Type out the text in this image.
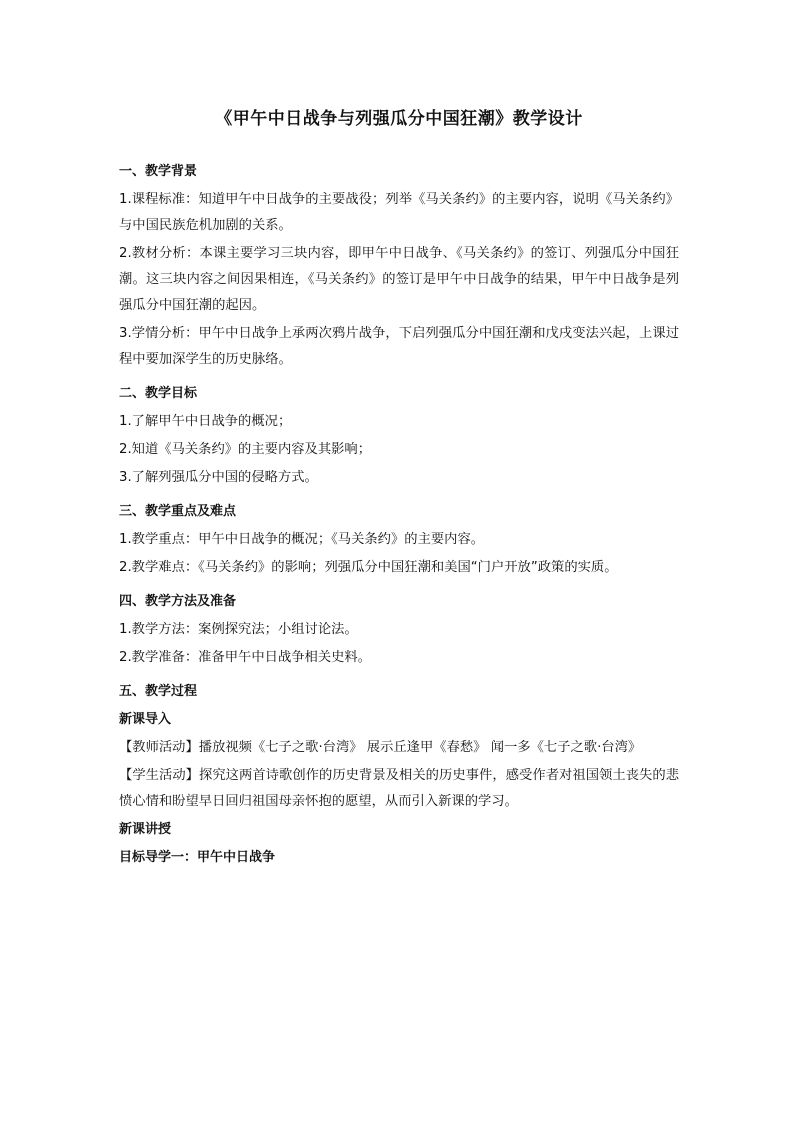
《甲午中日战争与列强瓜分中国狂潮》教学设计
一、教学背景

1.课程标准：知道甲午中日战争的主要战役；列举《马关条约》的主要内容，说明《马关条约》与中国民族危机加剧的关系。

2.教材分析：本课主要学习三块内容，即甲午中日战争、《马关条约》的签订、列强瓜分中国狂潮。这三块内容之间因果相连，《马关条约》的签订是甲午中日战争的结果，甲午中日战争是列强瓜分中国狂潮的起因。

3.学情分析：甲午中日战争上承两次鸦片战争，下启列强瓜分中国狂潮和戊戌变法兴起，上课过程中要加深学生的历史脉络。

二、教学目标

1.了解甲午中日战争的概况；

2.知道《马关条约》的主要内容及其影响；

3.了解列强瓜分中国的侵略方式。

三、教学重点及难点

1.教学重点：甲午中日战争的概况；《马关条约》的主要内容。

2.教学难点：《马关条约》的影响；列强瓜分中国狂潮和美国“门户开放”政策的实质。

四、教学方法及准备

1.教学方法：案例探究法；小组讨论法。

2.教学准备：准备甲午中日战争相关史料。

五、教学过程
新课导入

【教师活动】播放视频《七子之歌·台湾》 展示丘逢甲《春愁》 闻一多《七子之歌·台湾》

【学生活动】探究这两首诗歌创作的历史背景及相关的历史事件，感受作者对祖国领土丧失的悲愤心情和盼望早日回归祖国母亲怀抱的愿望，从而引入新课的学习。

新课讲授
目标导学一：甲午中日战争
